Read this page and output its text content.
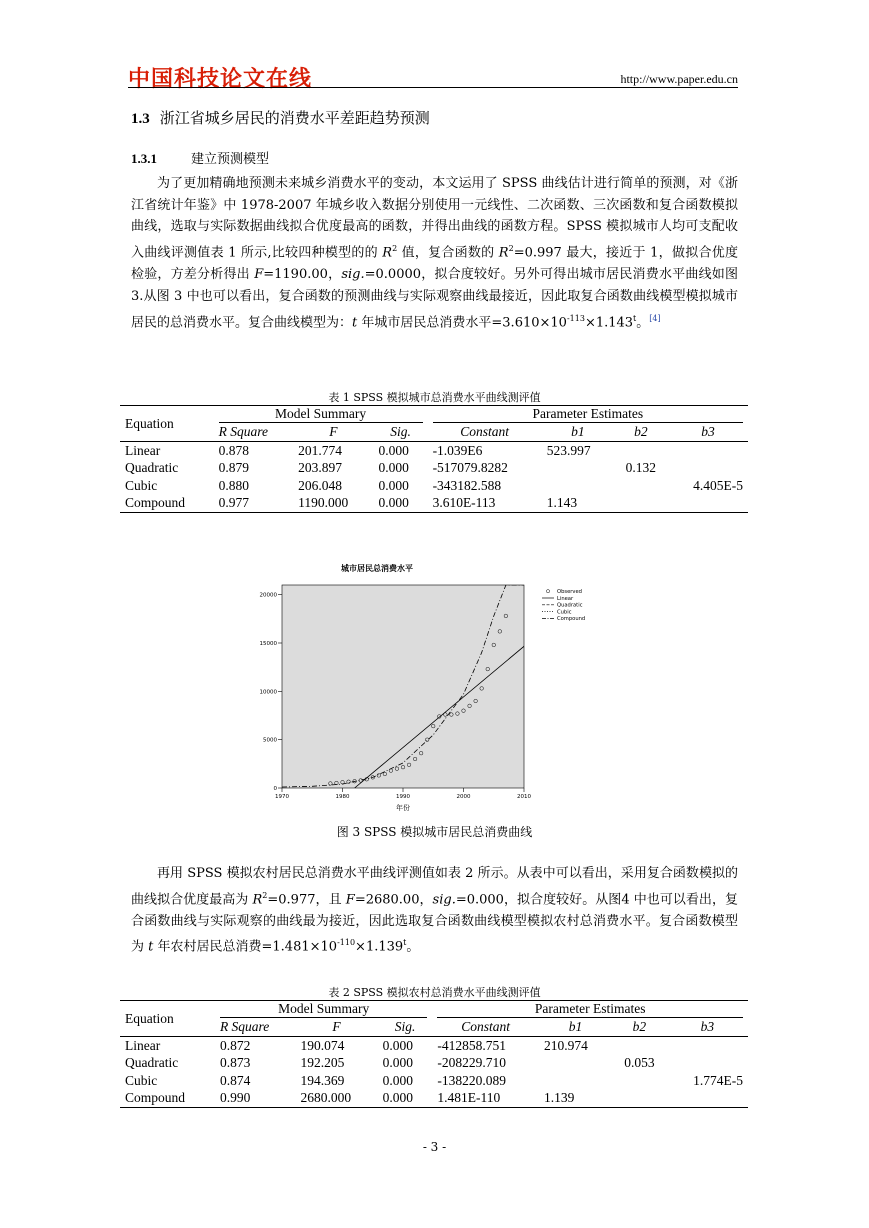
中国科技论文在线	http://www.paper.edu.cn
1.3 浙江省城乡居民的消费水平差距趋势预测
1.3.1	建立预测模型
为了更加精确地预测未来城乡消费水平的变动，本文运用了 SPSS 曲线估计进行简单的预测，对《浙江省统计年鉴》中 1978-2007 年城乡收入数据分别使用一元线性、二次函数、三次函数和复合函数模拟曲线，选取与实际数据曲线拟合优度最高的函数，并得出曲线的函数方程。SPSS 模拟城市人均可支配收入曲线评测值表 1 所示,比较四种模型的的 $R^2$ 值，复合函数的 $R^2=0.997$ 最大，接近于 1，做拟合优度检验，方差分析得出 F=1190.00，sig.=0.0000，拟合度较好。另外可得出城市居民消费水平曲线如图 3.从图 3 中也可以看出，复合函数的预测曲线与实际观察曲线最接近，因此取复合函数曲线模型模拟城市居民的总消费水平。复合曲线模型为：t 年城市居民总消费水平$=3.610\times 10^{-113}\times 1.143^t$。[4]
表 1 SPSS 模拟城市总消费水平曲线测评值
Equation	Model Summary			Parameter Estimates			
	R Square	F	Sig.	Constant	b1	b2	b3
Linear	0.878	201.774	0.000	-1.039E6	523.997		
Quadratic	0.879	203.897	0.000	-517079.8282		0.132	
Cubic	0.880	206.048	0.000	-343182.588			4.405E-5
Compound	0.977	1190.000	0.000	3.610E-113	1.143		
城市居民总消费水平
0
5000
10000
15000
20000
1970	1980	1990	2000	2010
年份
Observed
Linear
Quadratic
Cubic
Compound
图 3 SPSS 模拟城市居民总消费曲线
再用 SPSS 模拟农村居民总消费水平曲线评测值如表 2 所示。从表中可以看出，采用复合函数模拟的曲线拟合优度最高为 $R^2=0.977$，且 F=2680.00，sig.=0.000，拟合度较好。从图4 中也可以看出，复合函数曲线与实际观察的曲线最为接近，因此选取复合函数曲线模型模拟农村总消费水平。复合函数模型为 t 年农村居民总消费$=1.481\times 10^{-110}\times 1.139^t$。
表 2 SPSS 模拟农村总消费水平曲线测评值
Equation	Model Summary			Parameter Estimates			
	R Square	F	Sig.	Constant	b1	b2	b3
Linear	0.872	190.074	0.000	-412858.751	210.974		
Quadratic	0.873	192.205	0.000	-208229.710		0.053	
Cubic	0.874	194.369	0.000	-138220.089			1.774E-5
Compound	0.990	2680.000	0.000	1.481E-110	1.139		
- 3 -
